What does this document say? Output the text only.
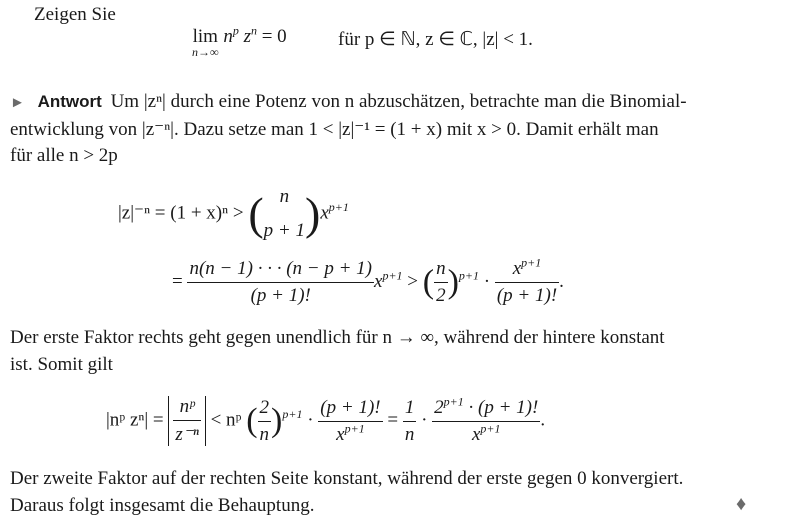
Zeigen Sie
lim
n→∞
$n^p$ $z^n = 0$	für p ∈ ℕ, z ∈ ℂ, |z| < 1.
► Antwort Um |zⁿ| durch eine Potenz von n abzuschätzen, betrachte man die Binomial-
entwicklung von |z⁻ⁿ|. Dazu setze man 1 < |z|⁻¹ = (1 + x) mit x > 0. Damit erhält man
für alle n > 2p
|z|⁻ⁿ = (1 + x)ⁿ > ( n
p + 1 )$x^{p+1}$
= $\frac{n(n - 1) \cdot \cdot \cdot (n - p + 1)}{(p + 1)!} x^{p+1}$ > ( $\frac{n}{2} )^{p+1} \cdot \frac{x^{p+1}}{(p + 1)!}$ .
Der erste Faktor rechts geht gegen unendlich für n → ∞, während der hintere konstant
ist. Somit gilt
|nᵖ $z^n| = \frac{\text{nᵖ}}{\text{z⁻ⁿ}}$ < nᵖ ( $\frac{2}{n} )^{p+1} \cdot \frac{(p + 1)!}{x^{p+1}} = \frac{1}{n} \cdot \frac{2^{p+1} \cdot (p + 1)!}{x^{p+1}}$ .
Der zweite Faktor auf der rechten Seite konstant, während der erste gegen 0 konvergiert.
Daraus folgt insgesamt die Behauptung.	♦
